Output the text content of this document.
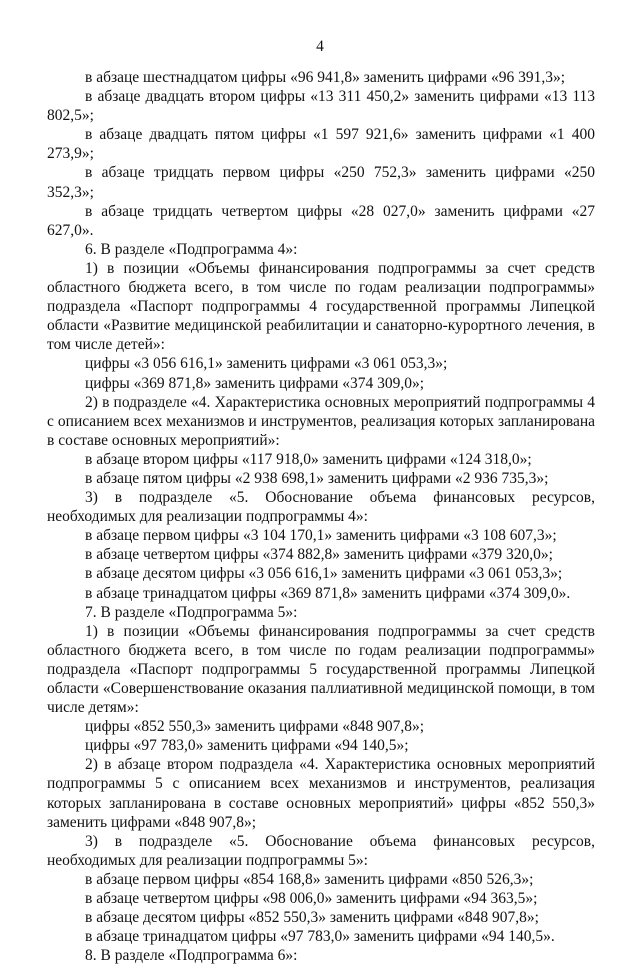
4

в абзаце шестнадцатом цифры «96 941,8» заменить цифрами «96 391,3»;

в абзаце двадцать втором цифры «13 311 450,2» заменить цифрами «13 113 802,5»;

в абзаце двадцать пятом цифры «1 597 921,6» заменить цифрами «1 400 273,9»;

в абзаце тридцать первом цифры «250 752,3» заменить цифрами «250 352,3»;

в абзаце тридцать четвертом цифры «28 027,0» заменить цифрами «27 627,0».

6. В разделе «Подпрограмма 4»:

1) в позиции «Объемы финансирования подпрограммы за счет средств областного бюджета всего, в том числе по годам реализации подпрограммы» подраздела «Паспорт подпрограммы 4 государственной программы Липецкой области «Развитие медицинской реабилитации и санаторно-курортного лечения, в том числе детей»:

цифры «3 056 616,1» заменить цифрами «3 061 053,3»;

цифры «369 871,8» заменить цифрами «374 309,0»;

2) в подразделе «4. Характеристика основных мероприятий подпрограммы 4 с описанием всех механизмов и инструментов, реализация которых запланирована в составе основных мероприятий»:

в абзаце втором цифры «117 918,0» заменить цифрами «124 318,0»;

в абзаце пятом цифры «2 938 698,1» заменить цифрами «2 936 735,3»;

3) в подразделе «5. Обоснование объема финансовых ресурсов, необходимых для реализации подпрограммы 4»:

в абзаце первом цифры «3 104 170,1» заменить цифрами «3 108 607,3»;

в абзаце четвертом цифры «374 882,8» заменить цифрами «379 320,0»;

в абзаце десятом цифры «3 056 616,1» заменить цифрами «3 061 053,3»;

в абзаце тринадцатом цифры «369 871,8» заменить цифрами «374 309,0».

7. В разделе «Подпрограмма 5»:

1) в позиции «Объемы финансирования подпрограммы за счет средств областного бюджета всего, в том числе по годам реализации подпрограммы» подраздела «Паспорт подпрограммы 5 государственной программы Липецкой области «Совершенствование оказания паллиативной медицинской помощи, в том числе детям»:

цифры «852 550,3» заменить цифрами «848 907,8»;

цифры «97 783,0» заменить цифрами «94 140,5»;

2) в абзаце втором подраздела «4. Характеристика основных мероприятий подпрограммы 5 с описанием всех механизмов и инструментов, реализация которых запланирована в составе основных мероприятий» цифры «852 550,3» заменить цифрами «848 907,8»;

3) в подразделе «5. Обоснование объема финансовых ресурсов, необходимых для реализации подпрограммы 5»:

в абзаце первом цифры «854 168,8» заменить цифрами «850 526,3»;

в абзаце четвертом цифры «98 006,0» заменить цифрами «94 363,5»;

в абзаце десятом цифры «852 550,3» заменить цифрами «848 907,8»;

в абзаце тринадцатом цифры «97 783,0» заменить цифрами «94 140,5».

8. В разделе «Подпрограмма 6»:
